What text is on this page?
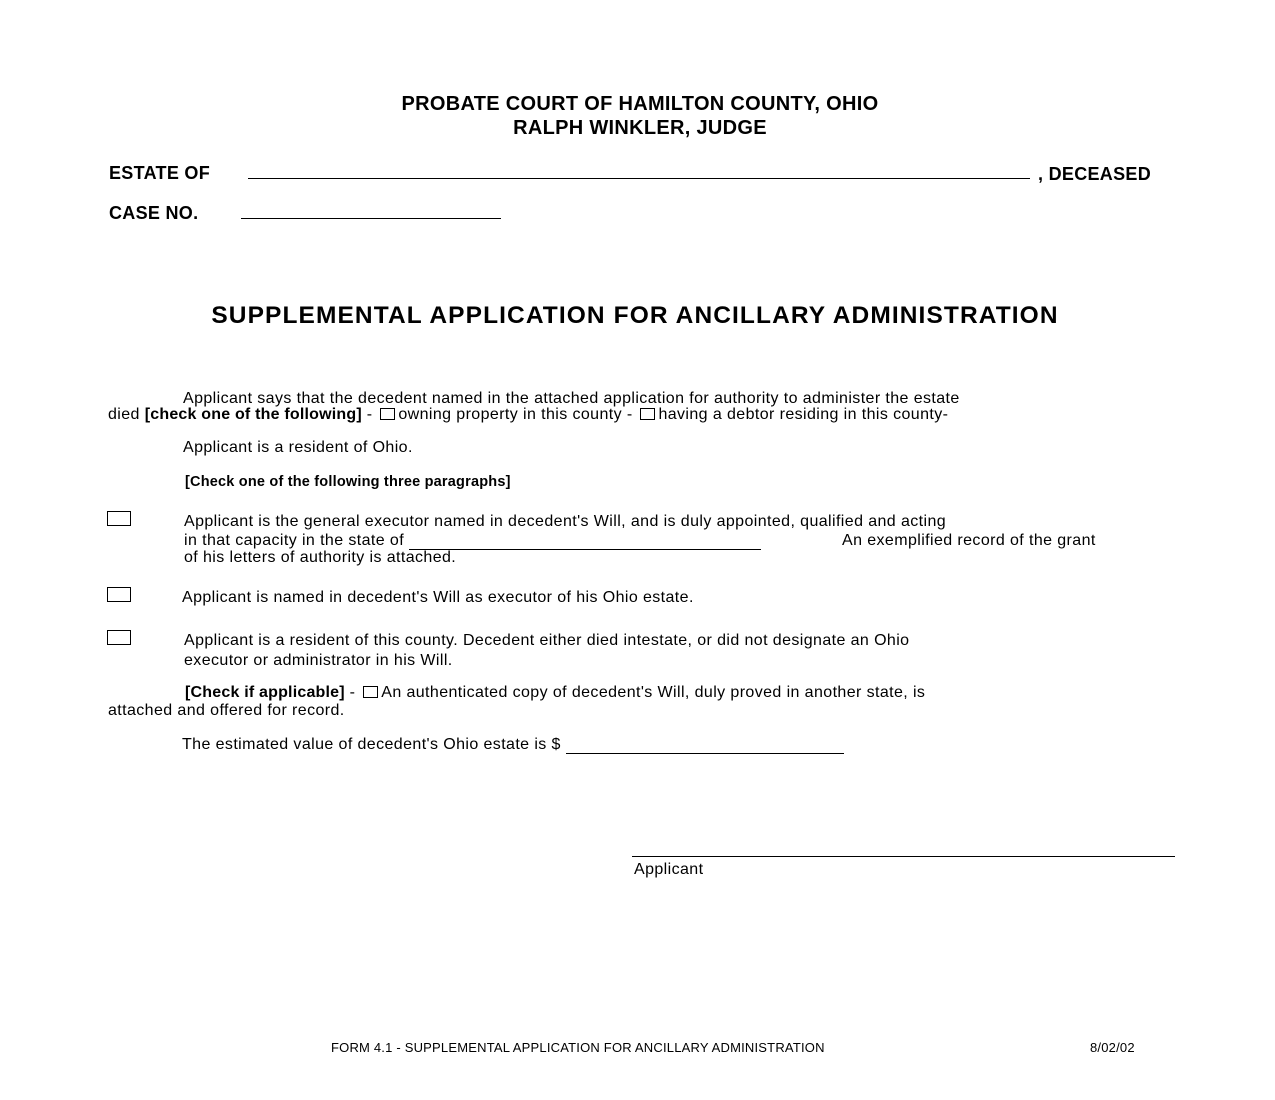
PROBATE COURT OF HAMILTON COUNTY, OHIO
RALPH WINKLER, JUDGE
ESTATE OF	, DECEASED
CASE NO.
SUPPLEMENTAL APPLICATION FOR ANCILLARY ADMINISTRATION
Applicant says that the decedent named in the attached application for authority to administer the estate
died [check one of the following] - owning property in this county - having a debtor residing in this county-
Applicant is a resident of Ohio.
[Check one of the following three paragraphs]
Applicant is the general executor named in decedent's Will, and is duly appointed, qualified and acting
in that capacity in the state of	An exemplified record of the grant
of his letters of authority is attached.
Applicant is named in decedent's Will as executor of his Ohio estate.
Applicant is a resident of this county. Decedent either died intestate, or did not designate an Ohio
executor or administrator in his Will.
[Check if applicable] - An authenticated copy of decedent's Will, duly proved in another state, is
attached and offered for record.
The estimated value of decedent's Ohio estate is $
Applicant
FORM 4.1 - SUPPLEMENTAL APPLICATION FOR ANCILLARY ADMINISTRATION	8/02/02
